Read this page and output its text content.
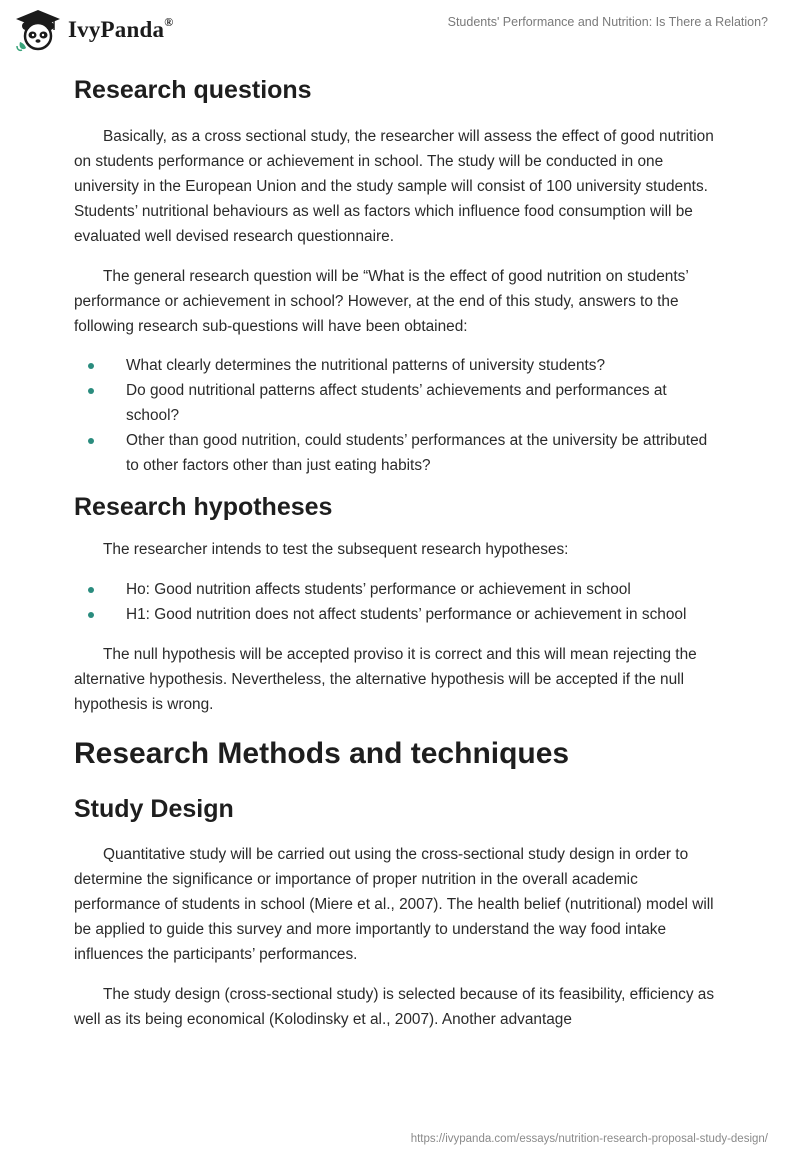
IvyPanda®	Students' Performance and Nutrition: Is There a Relation?
Research questions

Basically, as a cross sectional study, the researcher will assess the effect of good nutrition on students performance or achievement in school. The study will be conducted in one university in the European Union and the study sample will consist of 100 university students. Students’ nutritional behaviours as well as factors which influence food consumption will be evaluated well devised research questionnaire.

The general research question will be “What is the effect of good nutrition on students’ performance or achievement in school? However, at the end of this study, answers to the following research sub-questions will have been obtained:

What clearly determines the nutritional patterns of university students?
Do good nutritional patterns affect students’ achievements and performances at school?
Other than good nutrition, could students’ performances at the university be attributed to other factors other than just eating habits?
Research hypotheses

The researcher intends to test the subsequent research hypotheses:

Ho: Good nutrition affects students’ performance or achievement in school
H1: Good nutrition does not affect students’ performance or achievement in school

The null hypothesis will be accepted proviso it is correct and this will mean rejecting the alternative hypothesis. Nevertheless, the alternative hypothesis will be accepted if the null hypothesis is wrong.

Research Methods and techniques
Study Design

Quantitative study will be carried out using the cross-sectional study design in order to determine the significance or importance of proper nutrition in the overall academic performance of students in school (Miere et al., 2007). The health belief (nutritional) model will be applied to guide this survey and more importantly to understand the way food intake influences the participants’ performances.

The study design (cross-sectional study) is selected because of its feasibility, efficiency as well as its being economical (Kolodinsky et al., 2007). Another advantage

https://ivypanda.com/essays/nutrition-research-proposal-study-design/
